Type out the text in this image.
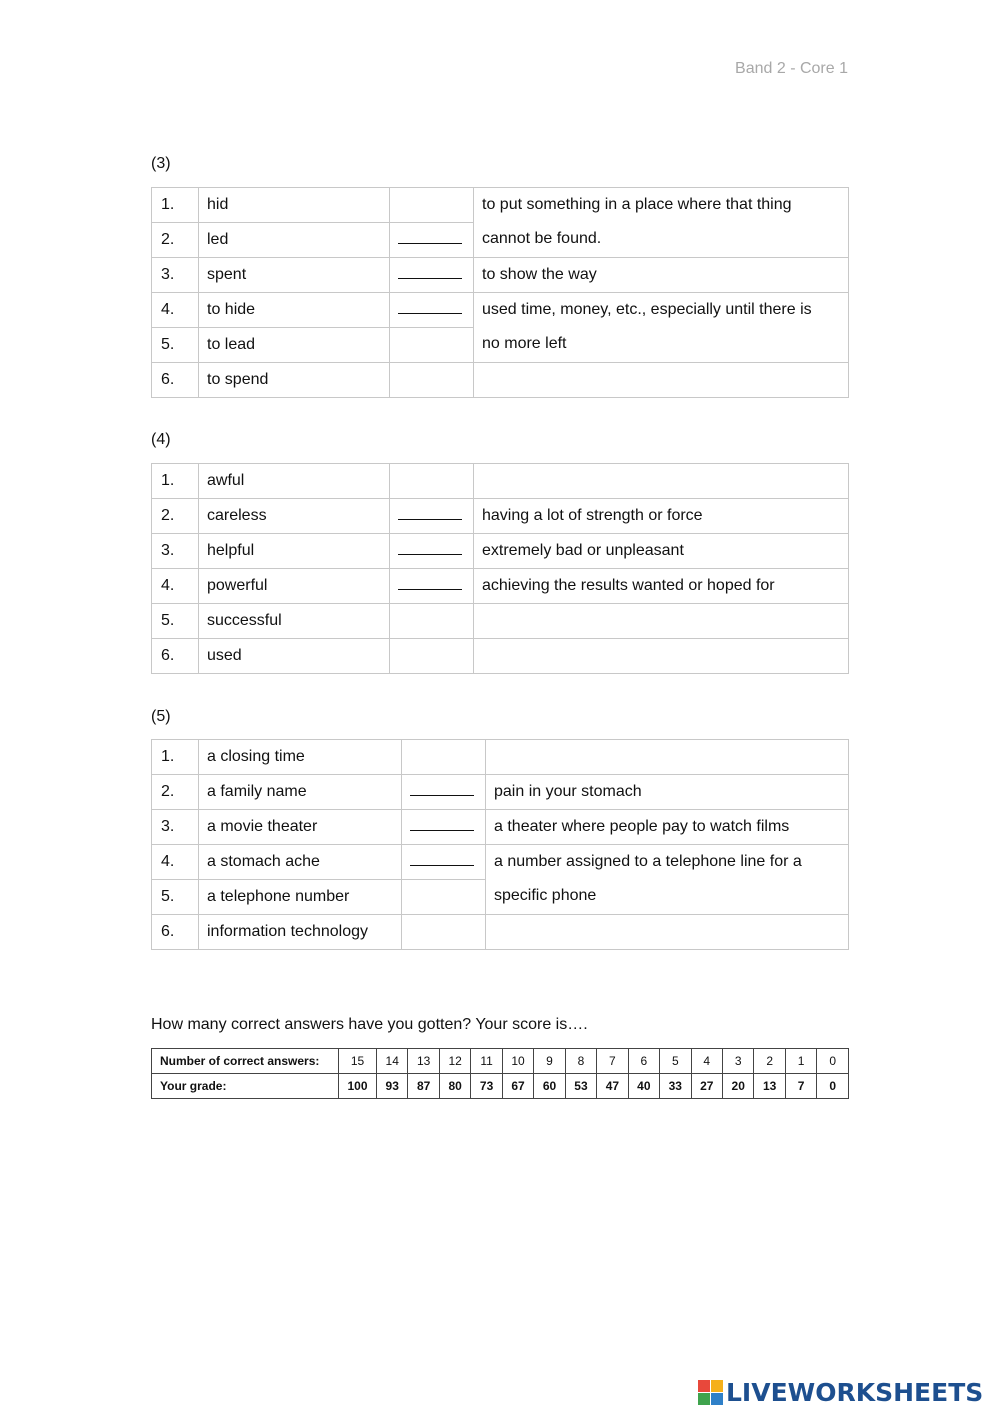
Band 2 - Core 1
(3)
1.	hid		to put something in a place where that thing
cannot be found.

2.	led		
3.	spent		to show the way
4.	to hide		used time, money, etc., especially until there is
no more left

5.	to lead		
6.	to spend		
(4)
1.	awful		
2.	careless		having a lot of strength or force
3.	helpful		extremely bad or unpleasant
4.	powerful		achieving the results wanted or hoped for
5.	successful		
6.	used		
(5)
1.	a closing time		
2.	a family name		pain in your stomach
3.	a movie theater		a theater where people pay to watch films
4.	a stomach ache		a number assigned to a telephone line for a
specific phone

5.	a telephone number		
6.	information technology		
How many correct answers have you gotten? Your score is….
Number of correct answers:	15	14	13	12	11	10	9	8	7	6	5	4	3	2	1	0
Your grade:	100	93	87	80	73	67	60	53	47	40	33	27	20	13	7	0
LIVEWORKSHEETS
